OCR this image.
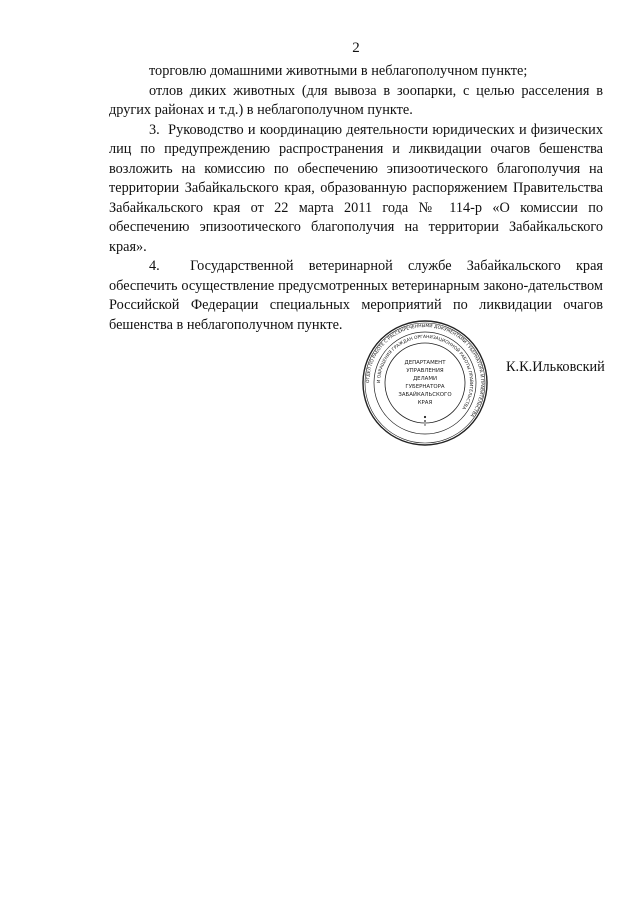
2

торговлю домашними животными в неблагополучном пункте;

отлов диких животных (для вывоза в зоопарки, с целью расселения в других районах и т.д.) в неблагополучном пункте.

3. Руководство и координацию деятельности юридических и физических лиц по предупреждению распространения и ликвидации очагов бешенства возложить на комиссию по обеспечению эпизоотического благополучия на территории Забайкальского края, образованную распоряжением Правительства Забайкальского края от 22 марта 2011 года № 114-р «О комиссии по обеспечению эпизоотического благополучия на территории Забайкальского края».

4. Государственной ветеринарной службе Забайкальского края обеспечить осуществление предусмотренных ветеринарным законо-дательством Российской Федерации специальных мероприятий по ликвидации очагов бешенства в неблагополучном пункте.

ОТДЕЛ ПО РАБОТЕ С РАССЕКРЕЧЕННЫМИ ДОКУМЕНТАМИ ГУБЕРНАТОРА И ПРАВИТЕЛЬСТВА
И ОБРАЩЕНИЯ ГРАЖДАН ОРГАНИЗАЦИОННОЙ РАБОТЫ ПРАВИТЕЛЬСТВА
ДЕПАРТАМЕНТ
УПРАВЛЕНИЯ
ДЕЛАМИ
ГУБЕРНАТОРА
ЗАБАЙКАЛЬСКОГО
КРАЯ
К.К.Ильковский
